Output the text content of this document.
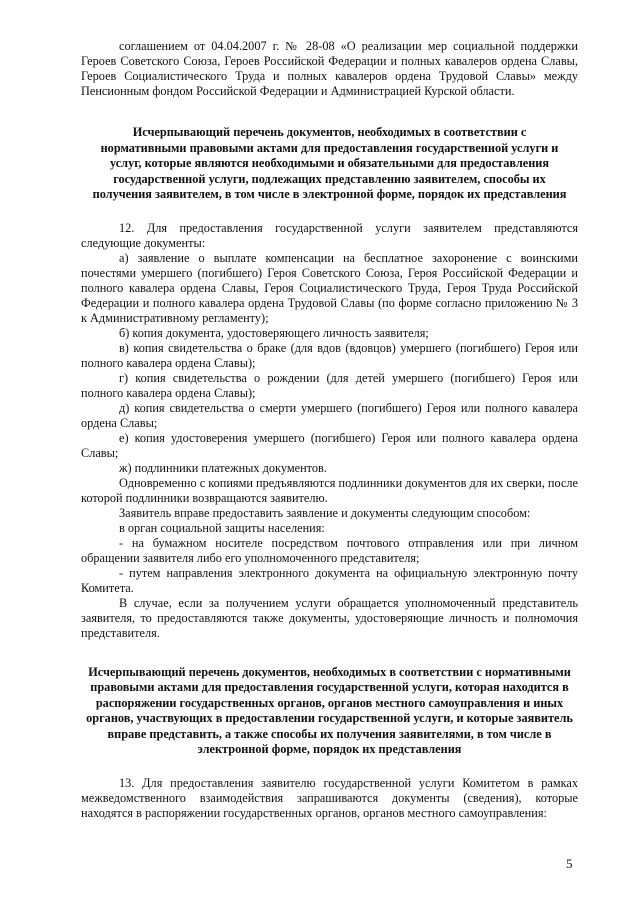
соглашением от 04.04.2007 г. № 28-08 «О реализации мер социальной поддержки Героев Советского Союза, Героев Российской Федерации и полных кавалеров ордена Славы, Героев Социалистического Труда и полных кавалеров ордена Трудовой Славы» между Пенсионным фондом Российской Федерации и Администрацией Курской области.

Исчерпывающий перечень документов, необходимых в соответствии с нормативными правовыми актами для предоставления государственной услуги и услуг, которые являются необходимыми и обязательными для предоставления государственной услуги, подлежащих представлению заявителем, способы их получения заявителем, в том числе в электронной форме, порядок их представления

12. Для предоставления государственной услуги заявителем представляются следующие документы:

а) заявление о выплате компенсации на бесплатное захоронение с воинскими почестями умершего (погибшего) Героя Советского Союза, Героя Российской Федерации и полного кавалера ордена Славы, Героя Социалистического Труда, Героя Труда Российской Федерации и полного кавалера ордена Трудовой Славы (по форме согласно приложению № 3 к Административному регламенту);

б) копия документа, удостоверяющего личность заявителя;

в) копия свидетельства о браке (для вдов (вдовцов) умершего (погибшего) Героя или полного кавалера ордена Славы);

г) копия свидетельства о рождении (для детей умершего (погибшего) Героя или полного кавалера ордена Славы);

д) копия свидетельства о смерти умершего (погибшего) Героя или полного кавалера ордена Славы;

е) копия удостоверения умершего (погибшего) Героя или полного кавалера ордена Славы;

ж) подлинники платежных документов.

Одновременно с копиями предъявляются подлинники документов для их сверки, после которой подлинники возвращаются заявителю.

Заявитель вправе предоставить заявление и документы следующим способом:

в орган социальной защиты населения:

- на бумажном носителе посредством почтового отправления или при личном обращении заявителя либо его уполномоченного представителя;

- путем направления электронного документа на официальную электронную почту Комитета.

В случае, если за получением услуги обращается уполномоченный представитель заявителя, то предоставляются также документы, удостоверяющие личность и полномочия представителя.

Исчерпывающий перечень документов, необходимых в соответствии с нормативными правовыми актами для предоставления государственной услуги, которая находится в распоряжении государственных органов, органов местного самоуправления и иных органов, участвующих в предоставлении государственной услуги, и которые заявитель вправе представить, а также способы их получения заявителями, в том числе в электронной форме, порядок их представления

13. Для предоставления заявителю государственной услуги Комитетом в рамках межведомственного взаимодействия запрашиваются документы (сведения), которые находятся в распоряжении государственных органов, органов местного самоуправления:

5
